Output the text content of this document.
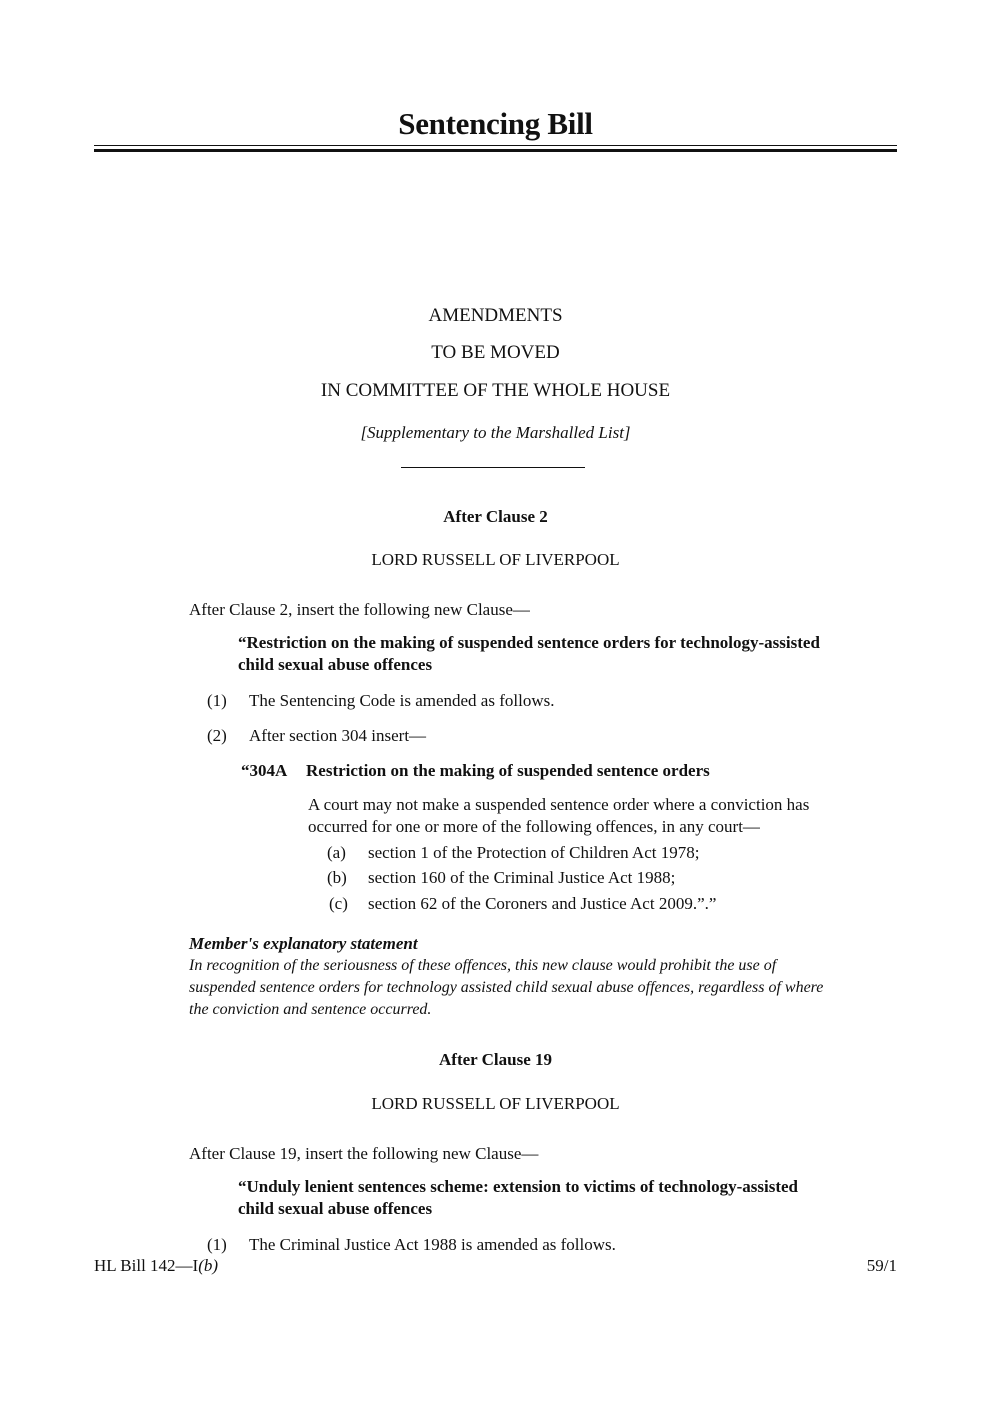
Sentencing Bill
AMENDMENTS
TO BE MOVED
IN COMMITTEE OF THE WHOLE HOUSE
[Supplementary to the Marshalled List]
After Clause 2
LORD RUSSELL OF LIVERPOOL
After Clause 2, insert the following new Clause—
“Restriction on the making of suspended sentence orders for technology-assisted
child sexual abuse offences
(1) The Sentencing Code is amended as follows.
(2) After section 304 insert—
“304A Restriction on the making of suspended sentence orders
A court may not make a suspended sentence order where a conviction has
occurred for one or more of the following offences, in any court—
(a) section 1 of the Protection of Children Act 1978;
(b) section 160 of the Criminal Justice Act 1988;
(c) section 62 of the Coroners and Justice Act 2009.”.”
Member's explanatory statement
In recognition of the seriousness of these offences, this new clause would prohibit the use of
suspended sentence orders for technology assisted child sexual abuse offences, regardless of where
the conviction and sentence occurred.
After Clause 19
LORD RUSSELL OF LIVERPOOL
After Clause 19, insert the following new Clause—
“Unduly lenient sentences scheme: extension to victims of technology-assisted
child sexual abuse offences
(1) The Criminal Justice Act 1988 is amended as follows.
HL Bill 142—I(b)	59/1
